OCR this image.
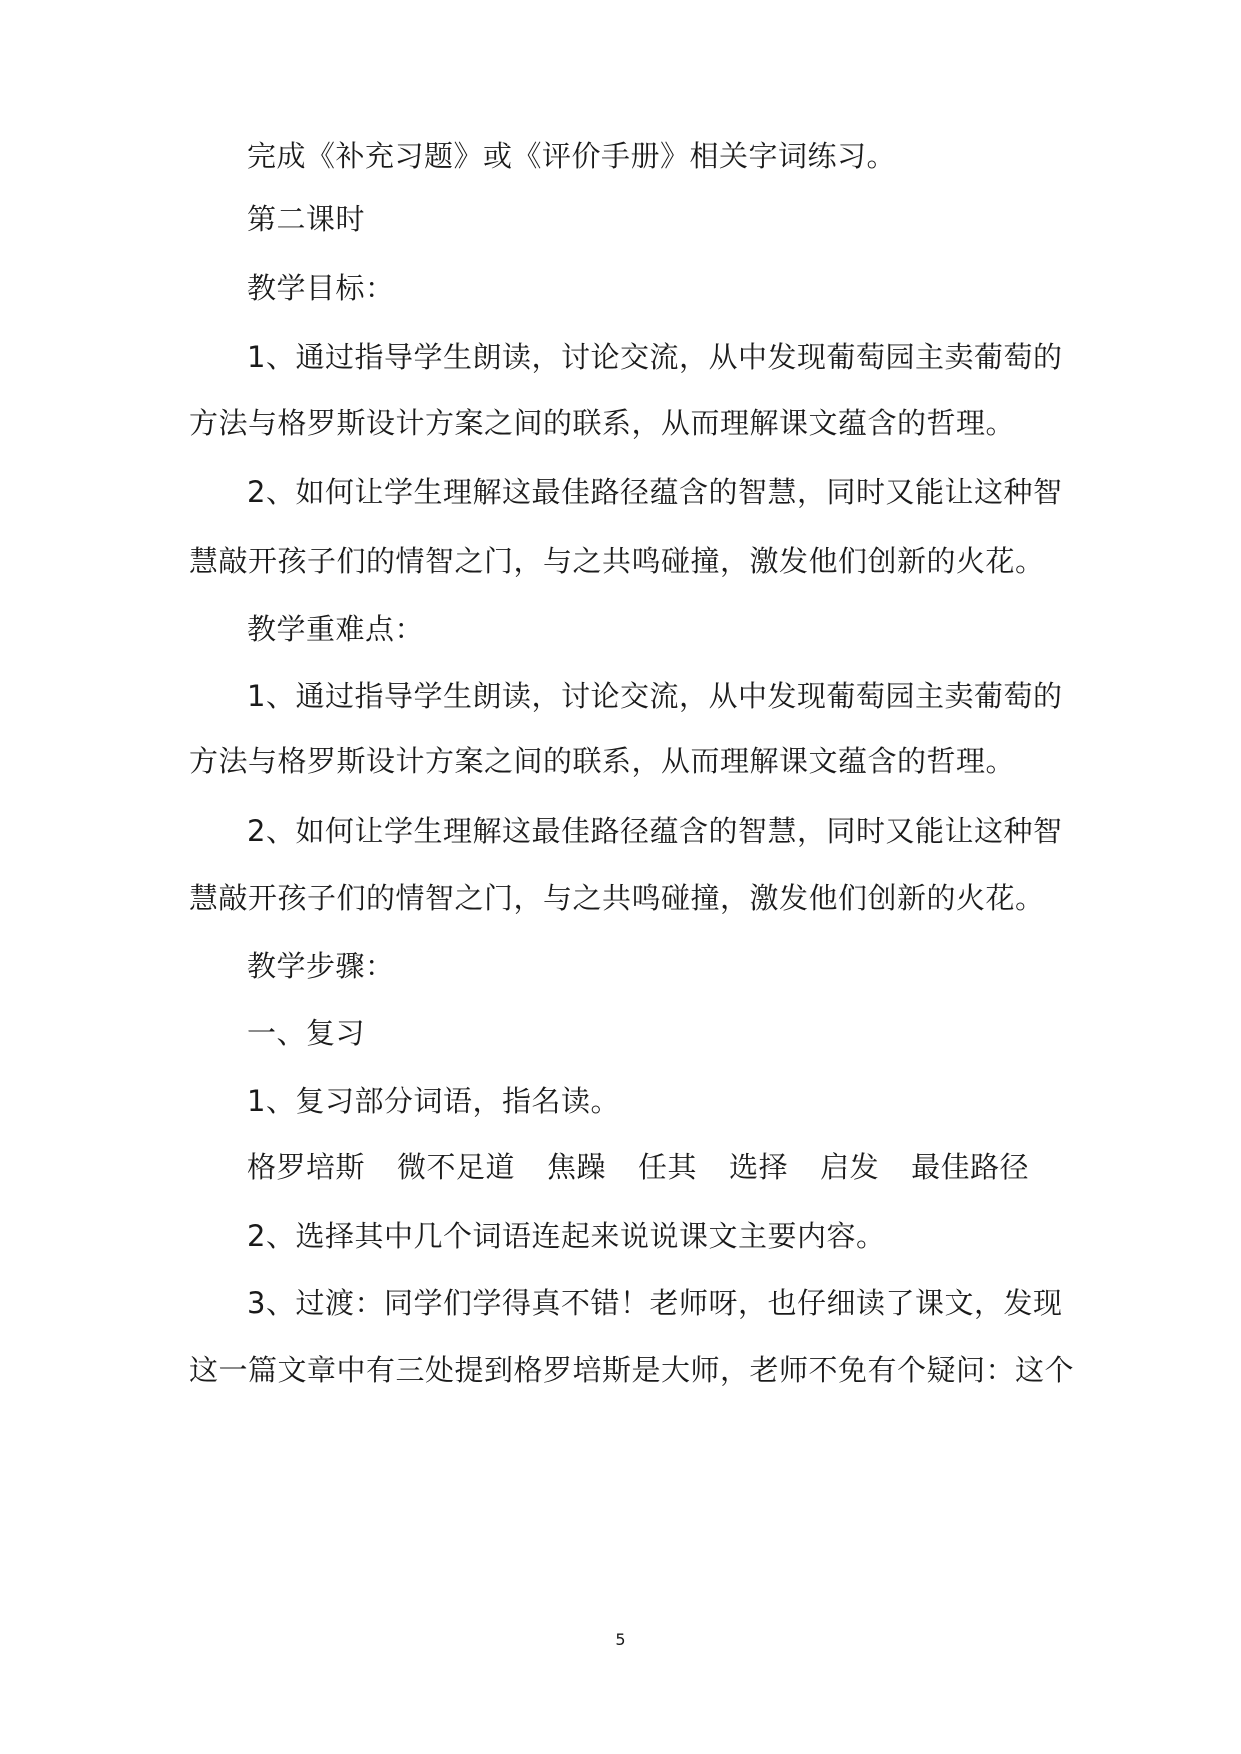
完成《补充习题》或《评价手册》相关字词练习。
第二课时
教学目标：
1、通过指导学生朗读，讨论交流，从中发现葡萄园主卖葡萄的
方法与格罗斯设计方案之间的联系，从而理解课文蕴含的哲理。
2、如何让学生理解这最佳路径蕴含的智慧，同时又能让这种智
慧敲开孩子们的情智之门，与之共鸣碰撞，激发他们创新的火花。
教学重难点：
1、通过指导学生朗读，讨论交流，从中发现葡萄园主卖葡萄的
方法与格罗斯设计方案之间的联系，从而理解课文蕴含的哲理。
2、如何让学生理解这最佳路径蕴含的智慧，同时又能让这种智
慧敲开孩子们的情智之门，与之共鸣碰撞，激发他们创新的火花。
教学步骤：
一、复习
1、复习部分词语，指名读。
格罗培斯 微不足道 焦躁 任其 选择 启发 最佳路径
2、选择其中几个词语连起来说说课文主要内容。
3、过渡：同学们学得真不错！老师呀，也仔细读了课文，发现
这一篇文章中有三处提到格罗培斯是大师，老师不免有个疑问：这个
5
